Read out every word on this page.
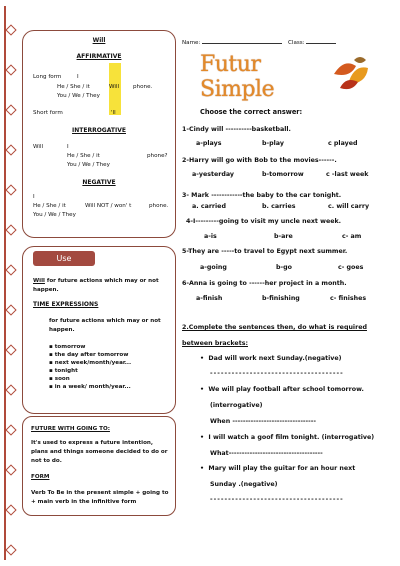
Will
AFFIRMATIVE
Long form	I
He / She / it	Will phone.
You / We / They
Short form	'll
INTERROGATIVE
Will	I
He / She / it	phone?
You / We / They
NEGATIVE
I
He / She / it	Will NOT / won' t	phone.
You / We / They
Use
Will for future actions which may or not
happen.
TIME EXPRESSIONS
for future actions which may or not
happen.
▪ tomorrow
▪ the day after tomorrow
▪ next week/month/year...
▪ tonight
▪ soon
▪ in a week/ month/year...
FUTURE WITH GOING TO:
It's used to express a future intention,
plans and things someone decided to do or
not to do.
FORM
Verb To Be in the present simple + going to
+ main verb in the infinitive form
Name:	Class:
Futur Simple
Choose the correct answer:
1-Cindy will ----------basketball.
a-plays	b-play	c played
2-Harry will go with Bob to the movies------.
a-yesterday	b-tomorrow	c -last week
3- Mark ------------the baby to the car tonight.
a. carried	b. carries	c. will carry
4-I---------going to visit my uncle next week.
a-is	b-are	c- am
5-They are -----to travel to Egypt next summer.
a-going	b-go	c- goes
6-Anna is going to ------her project in a month.
a-finish	b-finishing	c- finishes
2.Complete the sentences then, do what is required
between brackets:
•  Dad will work next Sunday.(negative)
-------------------------------------
•  We will play football after school tomorrow.
(interrogative)
When --------------------------------
•  I will watch a goof film tonight. (interrogative)
What------------------------------------
•  Mary will play the guitar for an hour next
Sunday .(negative)
-------------------------------------
